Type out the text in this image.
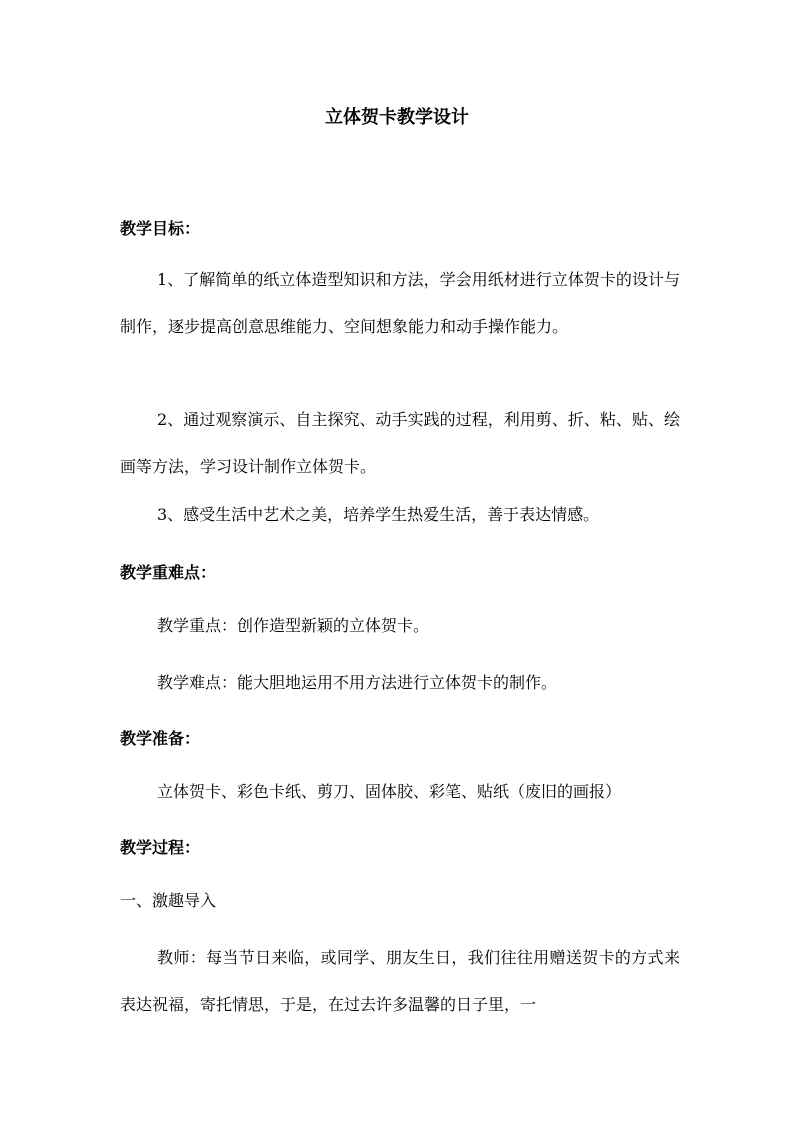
立体贺卡教学设计
教学目标：
1、了解简单的纸立体造型知识和方法，学会用纸材进行立体贺卡的设计与制作，逐步提高创意思维能力、空间想象能力和动手操作能力。
2、通过观察演示、自主探究、动手实践的过程，利用剪、折、粘、贴、绘画等方法，学习设计制作立体贺卡。
3、感受生活中艺术之美，培养学生热爱生活，善于表达情感。
教学重难点：
教学重点：创作造型新颖的立体贺卡。
教学难点：能大胆地运用不用方法进行立体贺卡的制作。
教学准备：
立体贺卡、彩色卡纸、剪刀、固体胶、彩笔、贴纸（废旧的画报）
教学过程：
一、激趣导入
教师：每当节日来临，或同学、朋友生日，我们往往用赠送贺卡的方式来表达祝福，寄托情思，于是，在过去许多温馨的日子里，一
